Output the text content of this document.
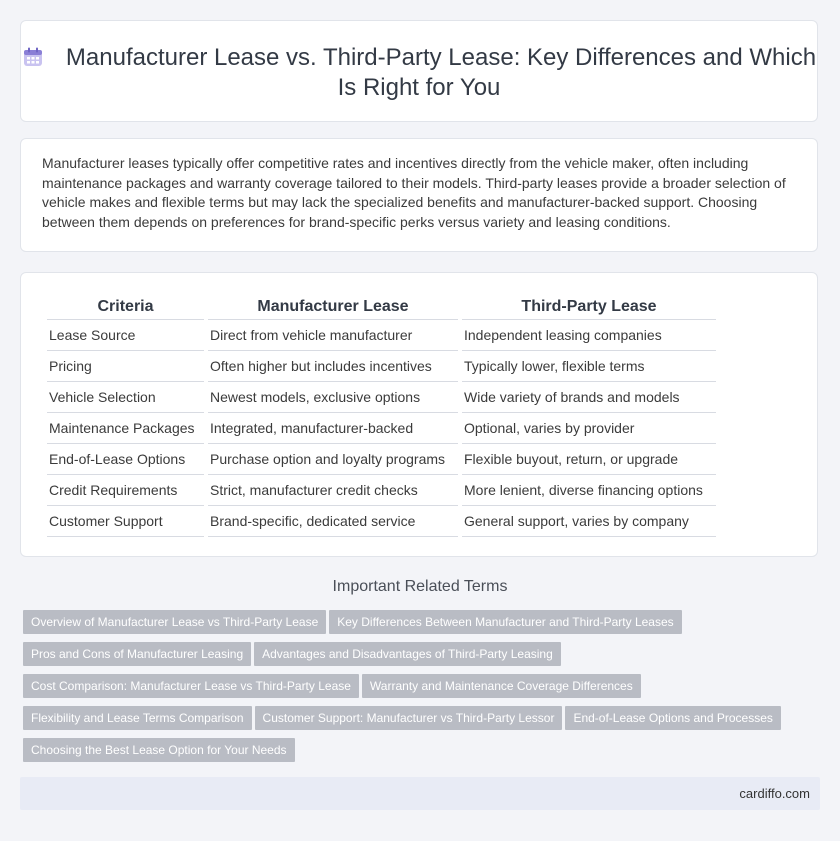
Manufacturer Lease vs. Third-Party Lease: Key Differences and Which Is Right for You

Manufacturer leases typically offer competitive rates and incentives directly from the vehicle maker, often including maintenance packages and warranty coverage tailored to their models. Third-party leases provide a broader selection of vehicle makes and flexible terms but may lack the specialized benefits and manufacturer-backed support. Choosing between them depends on preferences for brand-specific perks versus variety and leasing conditions.

Criteria	Manufacturer Lease	Third-Party Lease
Lease Source	Direct from vehicle manufacturer	Independent leasing companies
Pricing	Often higher but includes incentives	Typically lower, flexible terms
Vehicle Selection	Newest models, exclusive options	Wide variety of brands and models
Maintenance Packages	Integrated, manufacturer-backed	Optional, varies by provider
End-of-Lease Options	Purchase option and loyalty programs	Flexible buyout, return, or upgrade
Credit Requirements	Strict, manufacturer credit checks	More lenient, diverse financing options
Customer Support	Brand-specific, dedicated service	General support, varies by company
Important Related Terms
Overview of Manufacturer Lease vs Third-Party Lease Key Differences Between Manufacturer and Third-Party Leases
Pros and Cons of Manufacturer Leasing Advantages and Disadvantages of Third-Party Leasing
Cost Comparison: Manufacturer Lease vs Third-Party Lease Warranty and Maintenance Coverage Differences
Flexibility and Lease Terms Comparison Customer Support: Manufacturer vs Third-Party Lessor End-of-Lease Options and Processes
Choosing the Best Lease Option for Your Needs
cardiffo.com
